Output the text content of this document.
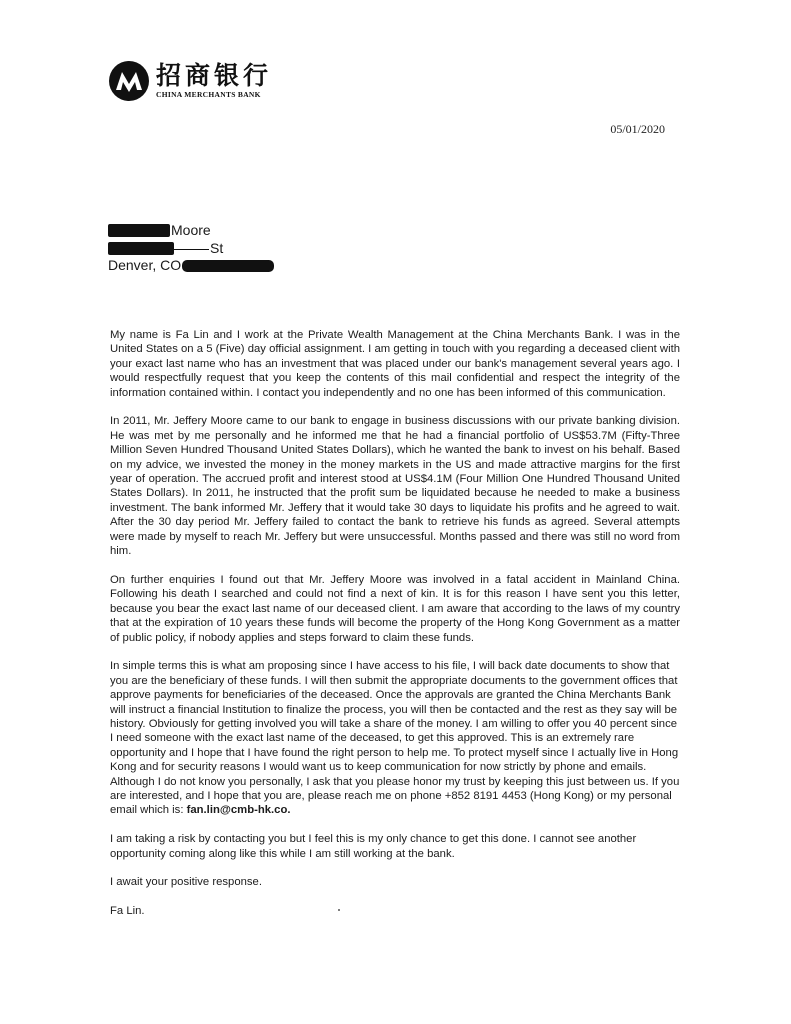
招商银行
CHINA MERCHANTS BANK
05/01/2020
Moore
St
Denver, CO

My name is Fa Lin and I work at the Private Wealth Management at the China Merchants Bank. I was in the United States on a 5 (Five) day official assignment. I am getting in touch with you regarding a deceased client with your exact last name who has an investment that was placed under our bank's management several years ago. I would respectfully request that you keep the contents of this mail confidential and respect the integrity of the information contained within. I contact you independently and no one has been informed of this communication.

In 2011, Mr. Jeffery Moore came to our bank to engage in business discussions with our private banking division. He was met by me personally and he informed me that he had a financial portfolio of US$53.7M (Fifty-Three Million Seven Hundred Thousand United States Dollars), which he wanted the bank to invest on his behalf. Based on my advice, we invested the money in the money markets in the US and made attractive margins for the first year of operation. The accrued profit and interest stood at US$4.1M (Four Million One Hundred Thousand United States Dollars). In 2011, he instructed that the profit sum be liquidated because he needed to make a business investment. The bank informed Mr. Jeffery that it would take 30 days to liquidate his profits and he agreed to wait. After the 30 day period Mr. Jeffery failed to contact the bank to retrieve his funds as agreed. Several attempts were made by myself to reach Mr. Jeffery but were unsuccessful. Months passed and there was still no word from him.

On further enquiries I found out that Mr. Jeffery Moore was involved in a fatal accident in Mainland China. Following his death I searched and could not find a next of kin. It is for this reason I have sent you this letter, because you bear the exact last name of our deceased client. I am aware that according to the laws of my country that at the expiration of 10 years these funds will become the property of the Hong Kong Government as a matter of public policy, if nobody applies and steps forward to claim these funds.

In simple terms this is what am proposing since I have access to his file, I will back date documents to show that you are the beneficiary of these funds. I will then submit the appropriate documents to the government offices that approve payments for beneficiaries of the deceased. Once the approvals are granted the China Merchants Bank will instruct a financial Institution to finalize the process, you will then be contacted and the rest as they say will be history. Obviously for getting involved you will take a share of the money. I am willing to offer you 40 percent since I need someone with the exact last name of the deceased, to get this approved. This is an extremely rare opportunity and I hope that I have found the right person to help me. To protect myself since I actually live in Hong Kong and for security reasons I would want us to keep communication for now strictly by phone and emails. Although I do not know you personally, I ask that you please honor my trust by keeping this just between us. If you are interested, and I hope that you are, please reach me on phone +852 8191 4453 (Hong Kong) or my personal email which is: fan.lin@cmb-hk.co.

I am taking a risk by contacting you but I feel this is my only chance to get this done. I cannot see another opportunity coming along like this while I am still working at the bank.

I await your positive response.

Fa Lin.
